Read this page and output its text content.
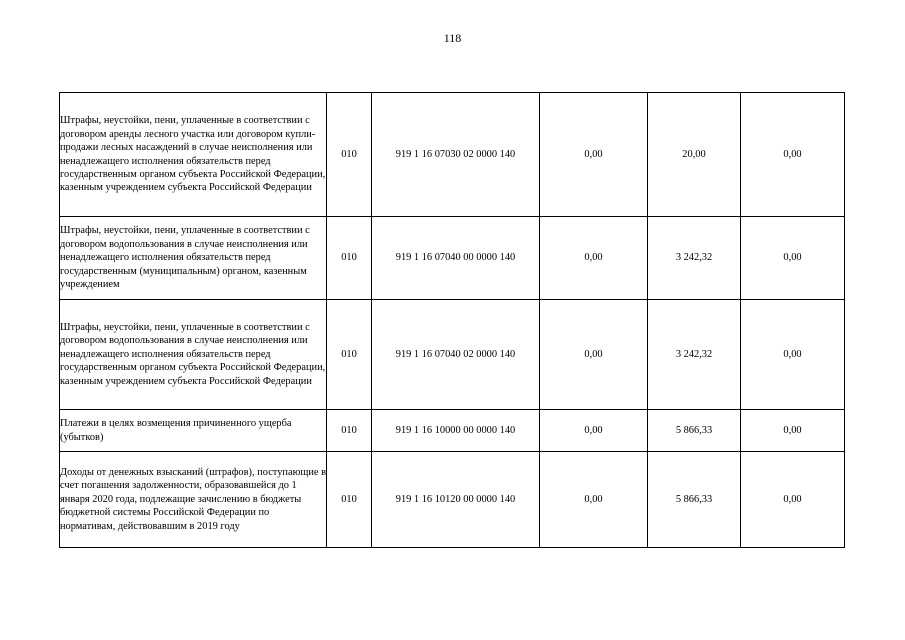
118
Штрафы, неустойки, пени, уплаченные в соответствии с договором аренды лесного участка или договором купли-продажи лесных насаждений в случае неисполнения или ненадлежащего исполнения обязательств перед государственным органом субъекта Российской Федерации, казенным учреждением субъекта Российской Федерации	010	919 1 16 07030 02 0000 140	0,00	20,00	0,00
Штрафы, неустойки, пени, уплаченные в соответствии с договором водопользования в случае неисполнения или ненадлежащего исполнения обязательств перед государственным (муниципальным) органом, казенным учреждением	010	919 1 16 07040 00 0000 140	0,00	3 242,32	0,00
Штрафы, неустойки, пени, уплаченные в соответствии с договором водопользования в случае неисполнения или ненадлежащего исполнения обязательств перед государственным органом субъекта Российской Федерации, казенным учреждением субъекта Российской Федерации	010	919 1 16 07040 02 0000 140	0,00	3 242,32	0,00
Платежи в целях возмещения причиненного ущерба (убытков)	010	919 1 16 10000 00 0000 140	0,00	5 866,33	0,00
Доходы от денежных взысканий (штрафов), поступающие в счет погашения задолженности, образовавшейся до 1 января 2020 года, подлежащие зачислению в бюджеты бюджетной системы Российской Федерации по нормативам, действовавшим в 2019 году	010	919 1 16 10120 00 0000 140	0,00	5 866,33	0,00
